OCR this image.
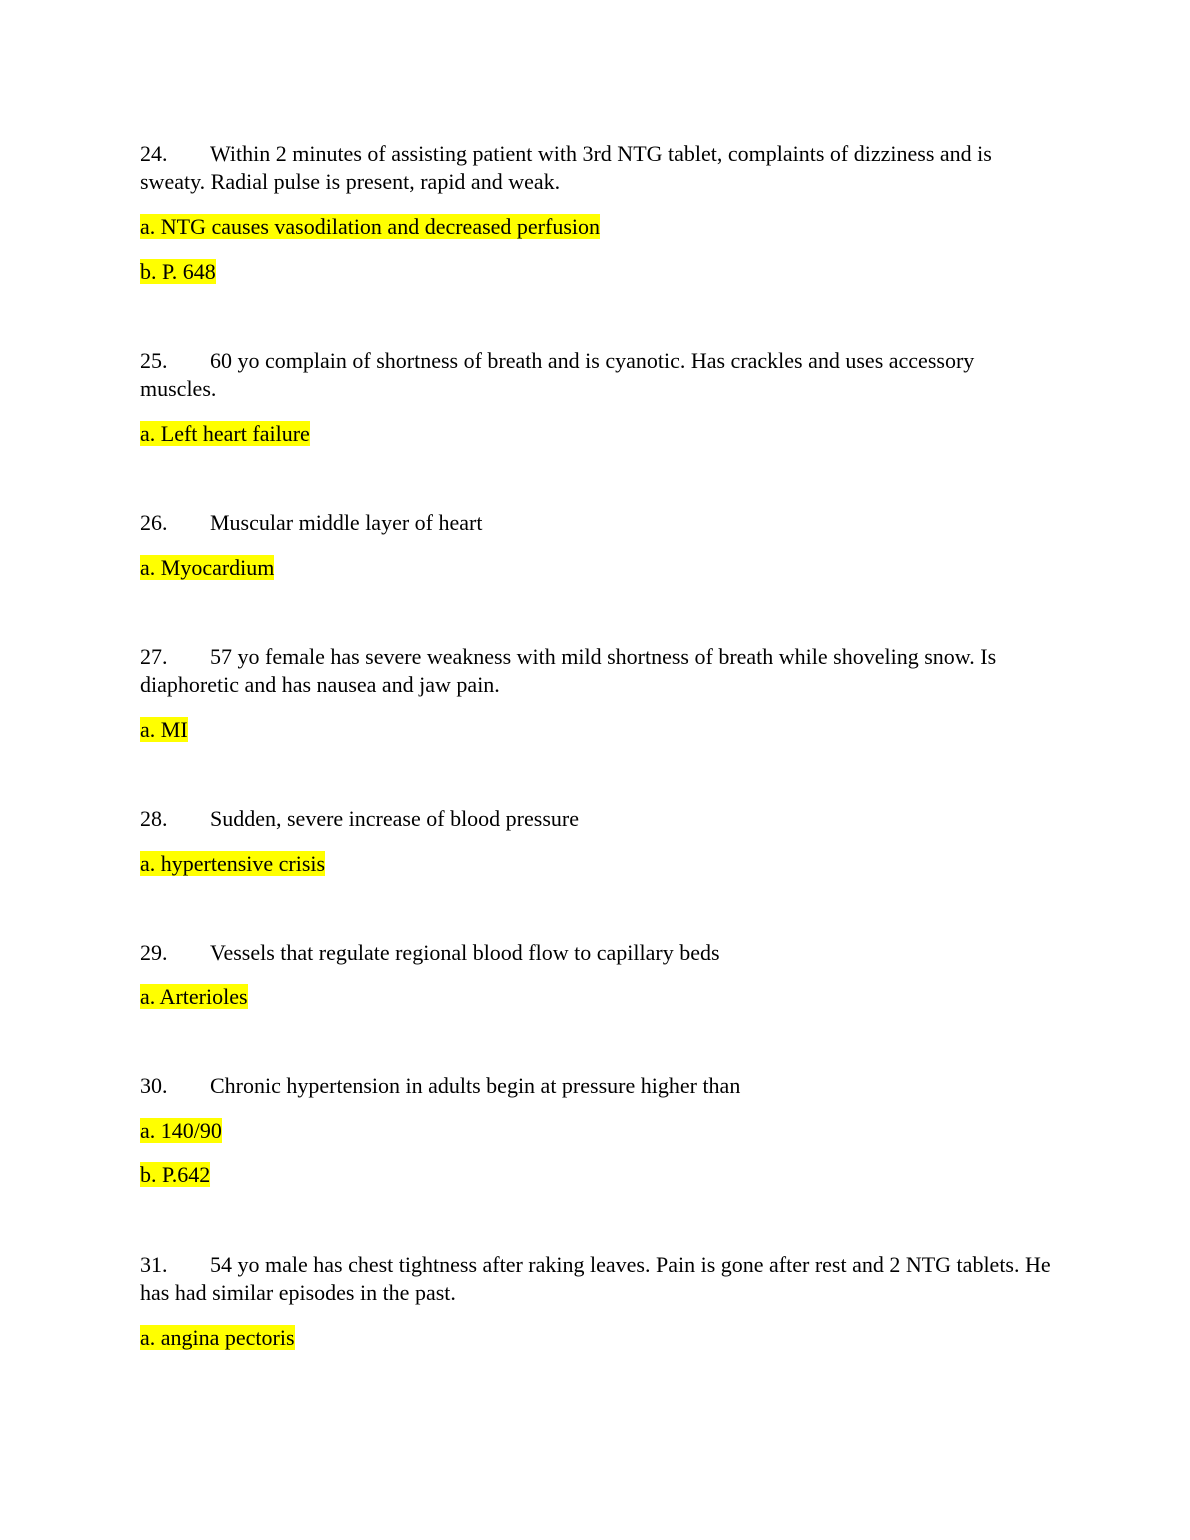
24. Within 2 minutes of assisting patient with 3rd NTG tablet, complaints of dizziness and is sweaty. Radial pulse is present, rapid and weak.

a. NTG causes vasodilation and decreased perfusion

b. P. 648

25. 60 yo complain of shortness of breath and is cyanotic. Has crackles and uses accessory muscles.

a. Left heart failure

26. Muscular middle layer of heart

a. Myocardium

27. 57 yo female has severe weakness with mild shortness of breath while shoveling snow. Is diaphoretic and has nausea and jaw pain.

a. MI

28. Sudden, severe increase of blood pressure

a. hypertensive crisis

29. Vessels that regulate regional blood flow to capillary beds

a. Arterioles

30. Chronic hypertension in adults begin at pressure higher than

a. 140/90

b. P.642

31. 54 yo male has chest tightness after raking leaves. Pain is gone after rest and 2 NTG tablets. He has had similar episodes in the past.

a. angina pectoris
